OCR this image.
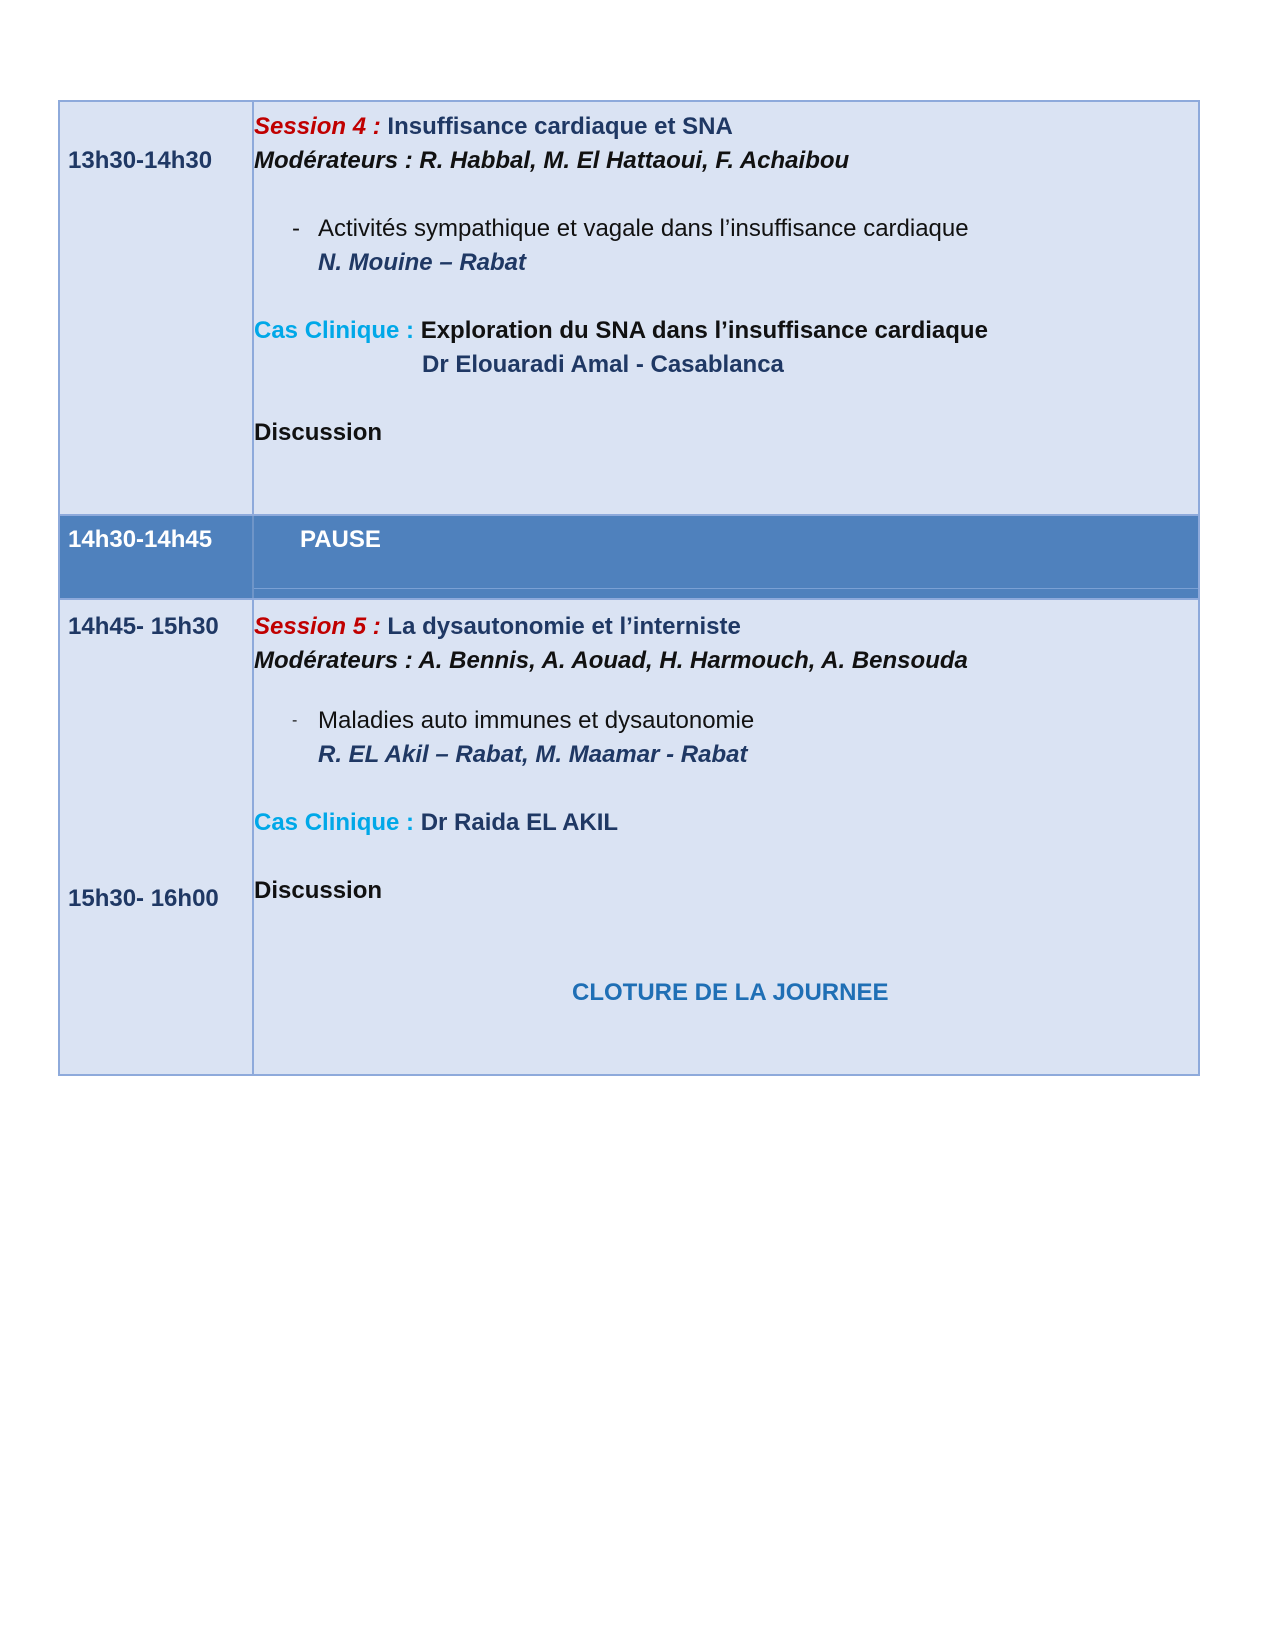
13h30-14h30
Session 4 : Insuffisance cardiaque et SNA
Modérateurs : R. Habbal, M. El Hattaoui, F. Achaibou
- Activités sympathique et vagale dans l’insuffisance cardiaque
N. Mouine – Rabat
Cas Clinique : Exploration du SNA dans l’insuffisance cardiaque
Dr Elouaradi Amal - Casablanca
Discussion
14h30-14h45	PAUSE
14h45- 15h30 Session 5 : La dysautonomie et l’interniste
Modérateurs : A. Bennis, A. Aouad, H. Harmouch, A. Bensouda
- Maladies auto immunes et dysautonomie
R. EL Akil – Rabat, M. Maamar - Rabat
Cas Clinique : Dr Raida EL AKIL
15h30- 16h00 Discussion
CLOTURE DE LA JOURNEE
